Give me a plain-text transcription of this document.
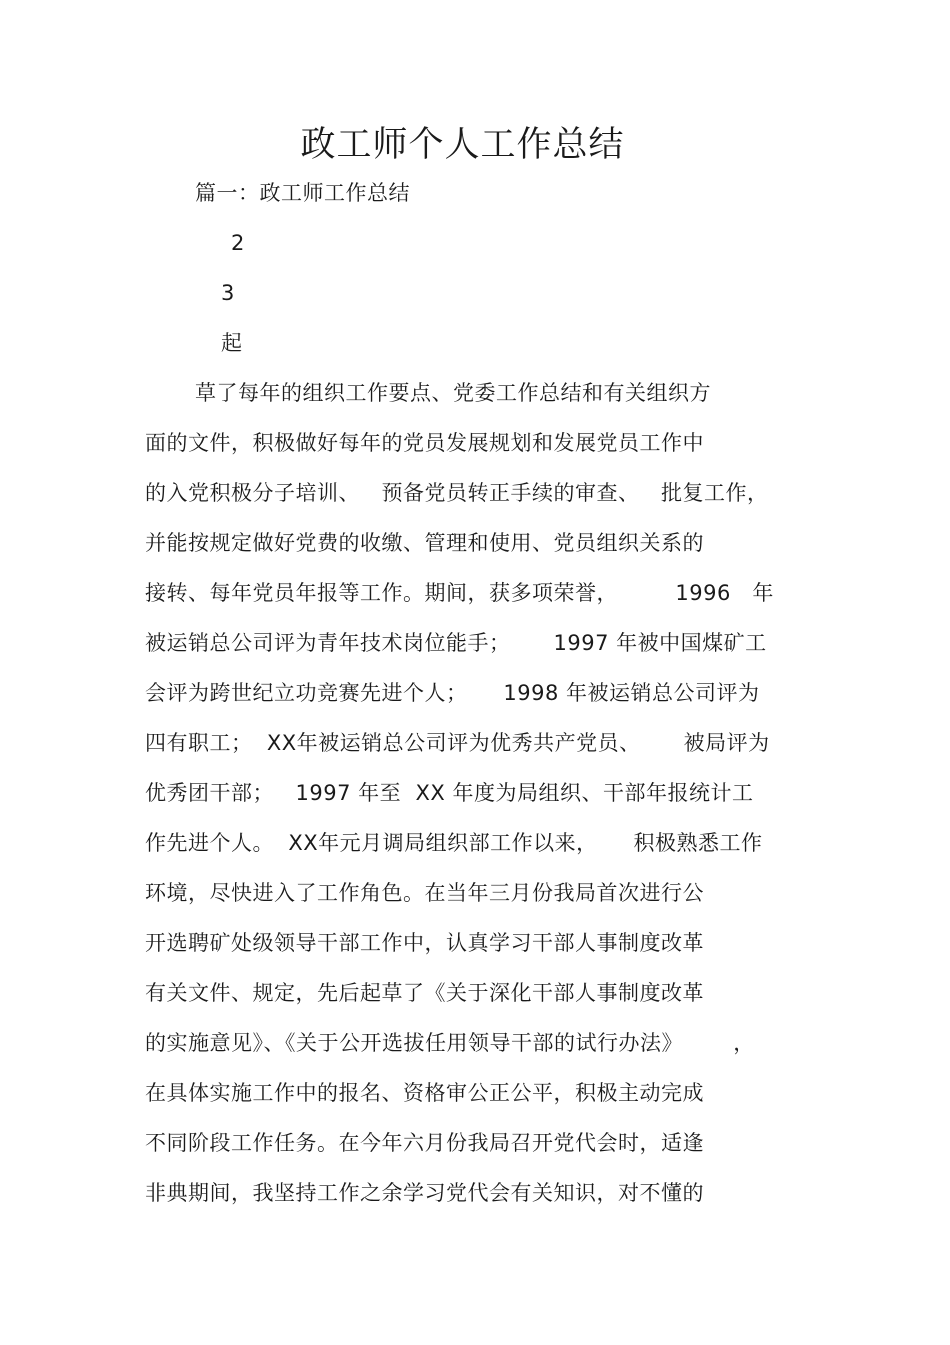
政工师个人工作总结
篇一：政工师工作总结
2
3
起
草了每年的组织工作要点、党委工作总结和有关组织方
面的文件，积极做好每年的党员发展规划和发展党员工作中
的入党积极分子培训、   预备党员转正手续的审查、   批复工作，
并能按规定做好党费的收缴、管理和使用、党员组织关系的
接转、每年党员年报等工作。期间，获多项荣誉，        1996   年
被运销总公司评为青年技术岗位能手；      1997 年被中国煤矿工
会评为跨世纪立功竞赛先进个人；     1998 年被运销总公司评为
四有职工；  XX年被运销总公司评为优秀共产党员、      被局评为
优秀团干部；   1997 年至  XX 年度为局组织、干部年报统计工
作先进个人。  XX年元月调局组织部工作以来，     积极熟悉工作
环境，尽快进入了工作角色。在当年三月份我局首次进行公
开选聘矿处级领导干部工作中，认真学习干部人事制度改革
有关文件、规定，先后起草了《关于深化干部人事制度改革
的实施意见》、《关于公开选拔任用领导干部的试行办法》       ，
在具体实施工作中的报名、资格审公正公平，积极主动完成
不同阶段工作任务。在今年六月份我局召开党代会时，适逢
非典期间，我坚持工作之余学习党代会有关知识，对不懂的
